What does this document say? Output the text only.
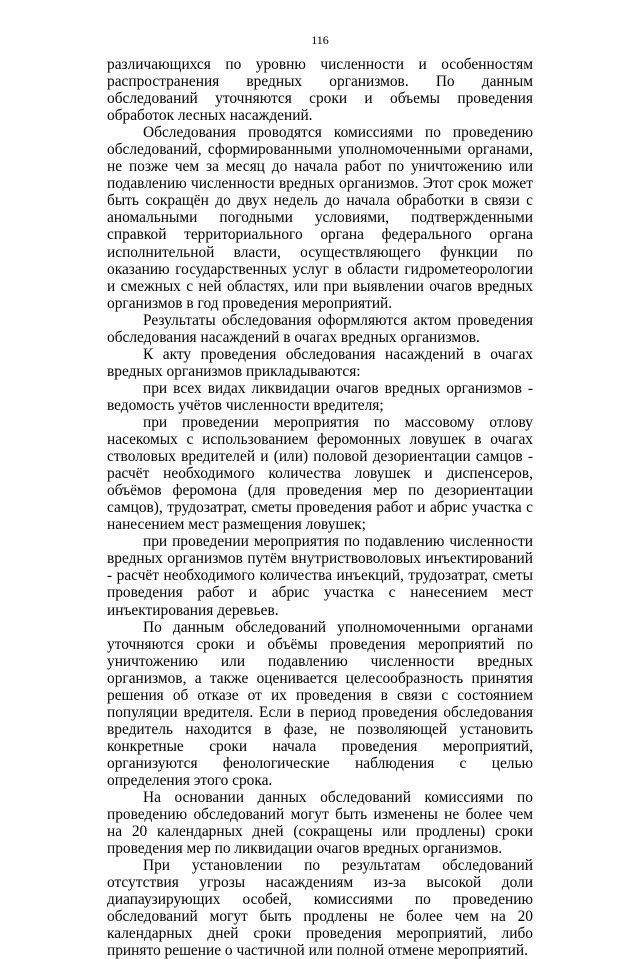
116

различающихся по уровню численности и особенностям распространения вредных организмов. По данным обследований уточняются сроки и объемы проведения обработок лесных насаждений.

Обследования проводятся комиссиями по проведению обследований, сформированными уполномоченными органами, не позже чем за месяц до начала работ по уничтожению или подавлению численности вредных организмов. Этот срок может быть сокращён до двух недель до начала обработки в связи с аномальными погодными условиями, подтвержденными справкой территориального органа федерального органа исполнительной власти, осуществляющего функции по оказанию государственных услуг в области гидрометеорологии и смежных с ней областях, или при выявлении очагов вредных организмов в год проведения мероприятий.

Результаты обследования оформляются актом проведения обследования насаждений в очагах вредных организмов.

К акту проведения обследования насаждений в очагах вредных организмов прикладываются:

при всех видах ликвидации очагов вредных организмов - ведомость учётов численности вредителя;

при проведении мероприятия по массовому отлову насекомых с использованием феромонных ловушек в очагах стволовых вредителей и (или) половой дезориентации самцов - расчёт необходимого количества ловушек и диспенсеров, объёмов феромона (для проведения мер по дезориентации самцов), трудозатрат, сметы проведения работ и абрис участка с нанесением мест размещения ловушек;

при проведении мероприятия по подавлению численности вредных организмов путём внутриствоволовых инъектирований - расчёт необходимого количества инъекций, трудозатрат, сметы проведения работ и абрис участка с нанесением мест инъектирования деревьев.

По данным обследований уполномоченными органами уточняются сроки и объёмы проведения мероприятий по уничтожению или подавлению численности вредных организмов, а также оценивается целесообразность принятия решения об отказе от их проведения в связи с состоянием популяции вредителя. Если в период проведения обследования вредитель находится в фазе, не позволяющей установить конкретные сроки начала проведения мероприятий, организуются фенологические наблюдения с целью определения этого срока.

На основании данных обследований комиссиями по проведению обследований могут быть изменены не более чем на 20 календарных дней (сокращены или продлены) сроки проведения мер по ликвидации очагов вредных организмов.

При установлении по результатам обследований отсутствия угрозы насаждениям из-за высокой доли диапаузирующих особей, комиссиями по проведению обследований могут быть продлены не более чем на 20 календарных дней сроки проведения мероприятий, либо принято решение о частичной или полной отмене мероприятий.
